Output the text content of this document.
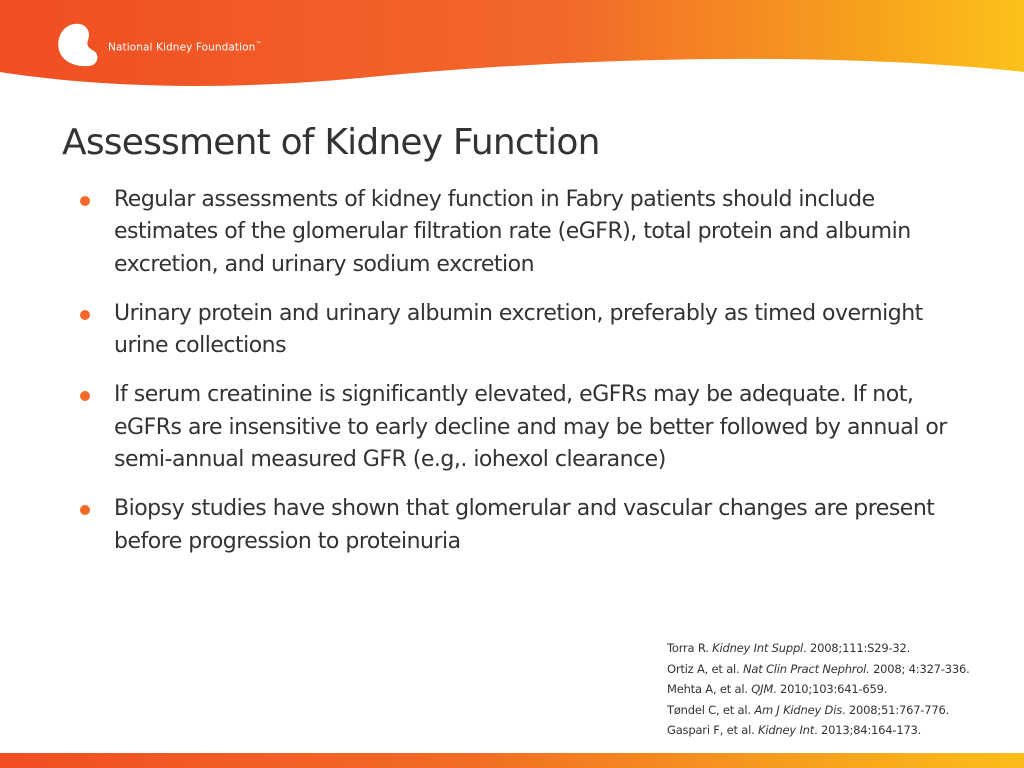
National Kidney Foundation™
Assessment of Kidney Function
Regular assessments of kidney function in Fabry patients should include estimates of the glomerular filtration rate (eGFR), total protein and albumin excretion, and urinary sodium excretion
Urinary protein and urinary albumin excretion, preferably as timed overnight urine collections
If serum creatinine is significantly elevated, eGFRs may be adequate. If not, eGFRs are insensitive to early decline and may be better followed by annual or semi-annual measured GFR (e.g,. iohexol clearance)
Biopsy studies have shown that glomerular and vascular changes are present before progression to proteinuria
Torra R. Kidney Int Suppl. 2008;111:S29-32.
Ortiz A, et al. Nat Clin Pract Nephrol. 2008; 4:327-336.
Mehta A, et al. QJM. 2010;103:641-659.
Tøndel C, et al. Am J Kidney Dis. 2008;51:767-776.
Gaspari F, et al. Kidney Int. 2013;84:164-173.
